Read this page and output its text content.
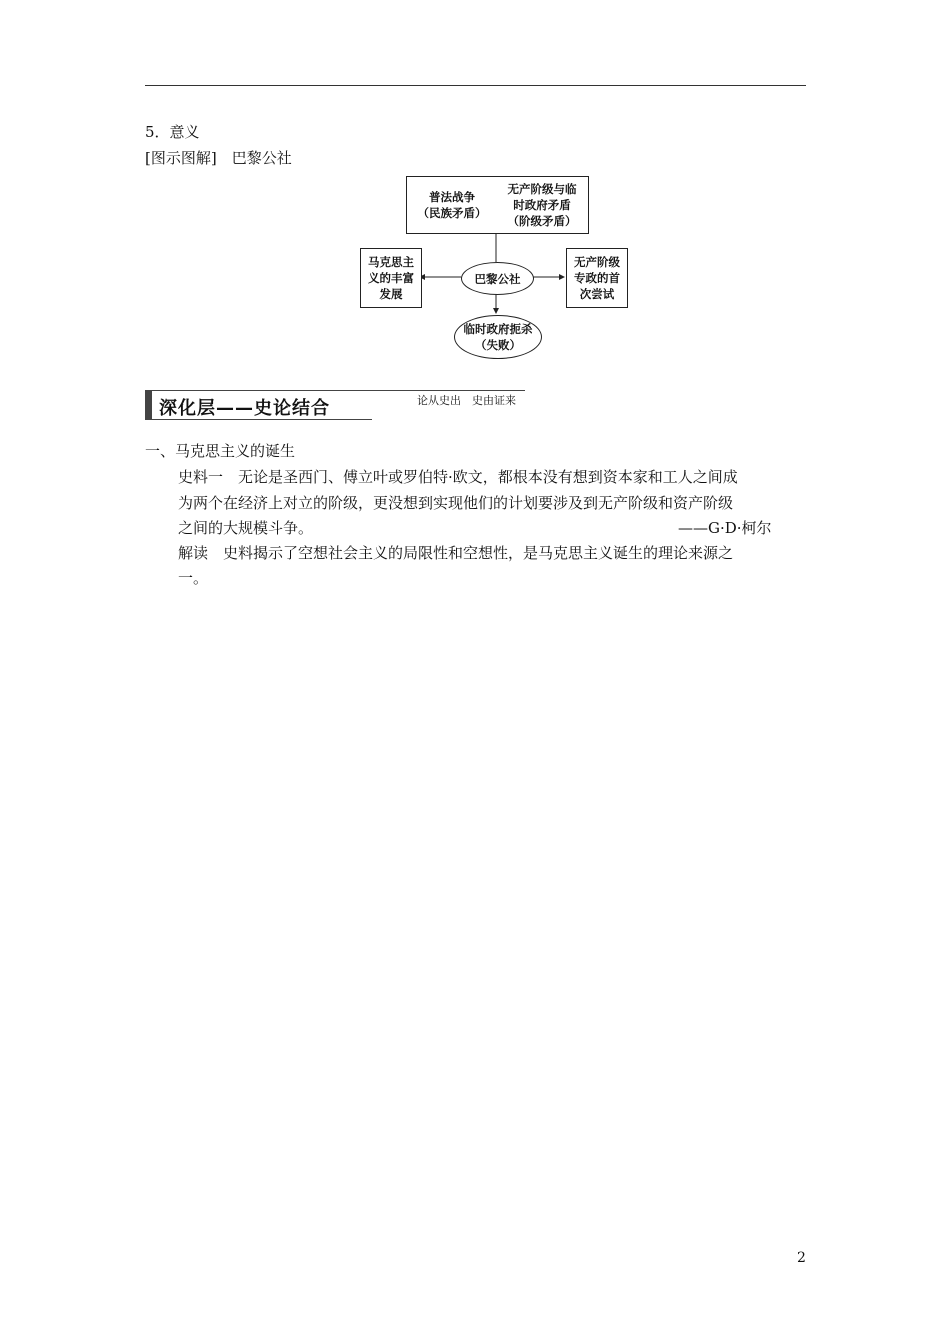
5．意义
[图示图解]　巴黎公社
普法战争
（民族矛盾）
无产阶级与临
时政府矛盾
（阶级矛盾）
马克思主
义的丰富
发展
巴黎公社
无产阶级
专政的首
次尝试
临时政府扼杀
（失败）
深化层——史论结合	论从史出　史由证来
一、马克思主义的诞生
史料一　无论是圣西门、傅立叶或罗伯特·欧文，都根本没有想到资本家和工人之间成
为两个在经济上对立的阶级，更没想到实现他们的计划要涉及到无产阶级和资产阶级
之间的大规模斗争。	——G·D·柯尔
解读　史料揭示了空想社会主义的局限性和空想性，是马克思主义诞生的理论来源之
一。
2
